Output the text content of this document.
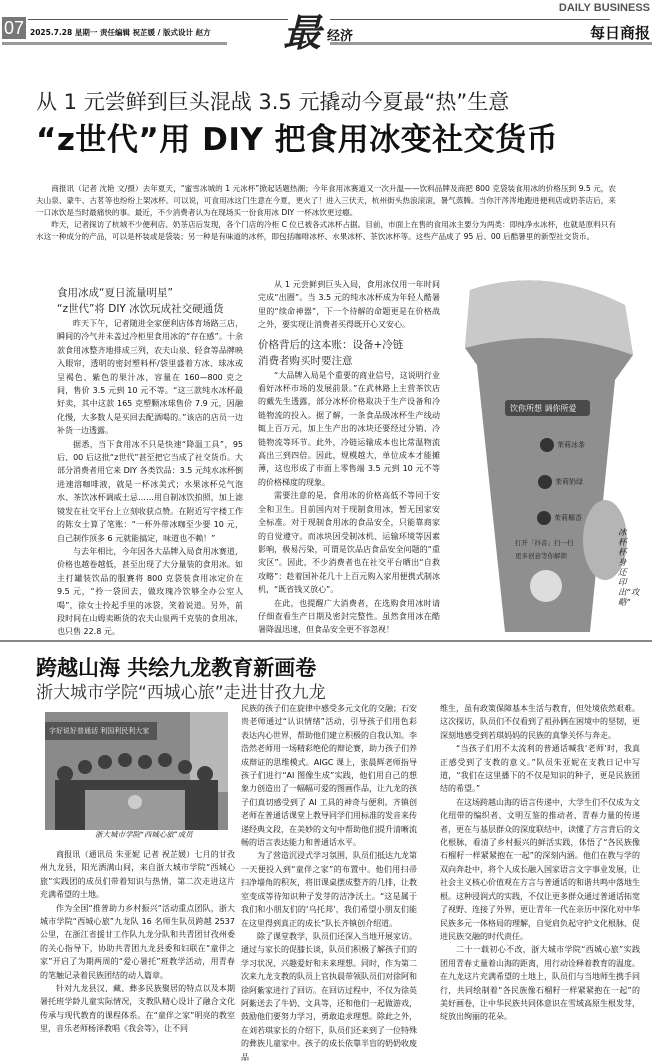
07 2025.7.28 星期一 责任编辑 祝芷媛 / 版式设计 赵方 最 经济
DAILY BUSINESS
每日商报
从 1 元尝鲜到巨头混战 3.5 元撬动今夏最“热”生意
“z世代”用 DIY 把食用冰变社交货币

商报讯（记者 沈艳 文/摄）去年夏天，“蜜雪冰城的 1 元冰杯”掀起话题热潮；今年食用冰赛道又一次升温——饮料品牌及商把 800 克袋装食用冰的价格压到 9.5 元，农夫山泉、蒙牛、古茗等也纷纷上架冰杯。可以说，可食用冰这门生意在今夏，更火了！进入三伏天，杭州街头热浪滚滚，暑气蒸腾。当你汗涔涔地跑进便利店或奶茶店后，来一口冰饮是当时最痛快的事。最近，不少消费者认为在现场买一份食用冰 DIY 一杯冰饮更过瘾。

昨天，记者探访了杭城不少便利店、奶茶店后发现，各个门店的冷柜 C 位已被各式冰杯占据。目前，市面上在售的食用冰主要分为两类：即纯净水冰杯，也就是原料只有水这一种成分的产品，可以是杯装或是袋装；另一种是有味道的冰杯，即包括咖啡冰杯、水果冰杯、茶饮冰杯等。这些产品成了 95 后、00 后酷暑里的新型社交货币。

食用冰成“夏日流量明星”
“z世代”将 DIY 冰饮玩成社交硬通货

昨天下午，记者随进全家便利店体育场路三店，瞬间的冷气并未盖过冷柜里食用冰的“存在感”。十余款食用冰整齐地排成三列，农夫山泉、轻食等品牌映入眼帘，透明的密封塑料杯/袋里盛着方冰、球冰或呈褐色、紫色的果汁冰，容量在 160—800 克之间，售价 3.5 元到 10 元不等。“这三款纯水冰杯最好卖，其中这款 165 克塑颗冰球售价 7.9 元，因融化慢，大多数人是买回去配酒喝的。”该店的店员一边补货一边透露。

据悉，当下食用冰不只是快速“降温工具”，95 后、00 后这批“z世代”甚至把它当成了社交货币。大部分消费者用它来 DIY 各类饮品：3.5 元纯水冰杯倒进速溶咖啡液，就是一杯冰美式；水果冰杯兑气泡水、茶饮冰杯调威士忌……用自制冰饮拍照，加上滤镜发在社交平台上立刻收获点赞。在附近写字楼工作的陈女士算了笔账：“一杯外带冰咖至少要 10 元，自己制作顶多 6 元就能搞定，味道也不赖！”

与去年相比，今年因各大品牌入局食用冰赛道，价格也越卷越低，甚至出现了大分量装的食用冰。如主打罐装饮品的服賽将 800 克袋装食用冰定价在 9.5 元，“拎一袋回去，做玫瑰冷饮够全办公室人喝”，徐女士拎起手里的冰袋，笑着说道。另外，前段时间在山姆卖断货的农夫山泉两千克装的食用冰，也只售 22.8 元。

从 1 元尝鲜到巨头入局，食用冰仅用一年时间完成“出圈”。当 3.5 元的纯水冰杯成为年轻人酷暑里的“续命神器”，下一个待解的命题更是在价格战之外，要实现让消费者买得既开心又安心。

价格背后的这本账：设备+冷链
消费者购买时要注意

“大品牌入局是个重要的商业信号，这说明行业看好冰杯市场的发展前景。”在武林路上主营茶饮店的戴先生透露，部分冰杯价格取决于生产设备和冷链物流的投入。据了解，一条食品级冰杯生产线动辄上百万元，加上生产出的冰块还要经过分销、冷链物流等环节。此外，冷链运输成本也比常温物流高出三到四倍。因此，规模越大，单位成本才能摊薄，这也形成了市面上零售端 3.5 元到 10 元不等的价格梯度的现象。

需要注意的是，食用冰的价格高低不等同于安全和卫生。目前国内对于现制食用冰，暂无国家安全标准。对于现制食用冰的食品安全，只能靠商家的自觉遵守。而冰块因受制冰机、运输环境等因素影响，极易污染，可谓是饮品店食品安全问题的“重灾区”。因此，不少消费者也在社交平台晒出“自救攻略”：趁着国补花几十上百元购入家用便携式制冰机，“既省钱又放心”。

在此，也提醒广大消费者，在选购食用冰时请仔细查看生产日期及密封完整性。虽然食用冰在酷暑降温迅速，但食品安全更不容忽视！

饮你所想 调你所爱
茉莉冰茶
茉莉奶绿
茉莉椰香
打开「抖音」扫一扫
更多创意等你解锁
冰杯杯身还印出“攻略”
跨越山海 共绘九龙教育新画卷
浙大城市学院“西城心旅”走进甘孜九龙
字好说好普通话 利国利民利大家
浙大城市学院“西城心旅”成员

商报讯（通讯员 朱亚妮 记者 祝芷媛）七月的甘孜州九龙县，阳光洒满山间，来自浙大城市学院“西城心旅”实践团的成员们带着知识与热情，第二次走进这片充满希望的土地。

作为全国“推普助力乡村振兴”活动重点团队，浙大城市学院“西城心旅”九龙队 16 名师生队员跨越 2537 公里，在浙江省援甘工作队九龙分队和共青团甘孜州委的关心指导下，协助共青团九龙县委和妇联在“童伴之家”开启了为期两周的“爱心暑托”班教学活动，用青春的笔触记录着民族团结的动人篇章。

针对九龙县汉、藏、彝多民族聚居的特点以及本期暑托班学龄儿童实际情况，支教队精心设计了融合文化传承与现代教育的课程体系。在“童伴之家”明亮的教室里，音乐老师杨泽教唱《我会等》，让不同

民族的孩子们在旋律中感受多元文化的交融；石安贵老师通过“认识情绪”活动，引导孩子们用色彩表达内心世界，帮助他们建立积极的自我认知。李浩然老师用一场精彩绝伦的辩论赛，助力孩子们养成辩证的思维模式。AIGC 课上，张晨辉老师指导孩子们进行“AI 图像生成”实践，他们用自己的想象力创造出了一幅幅可爱的图画作品，让九龙的孩子们真切感受到了 AI 工具的神奇与便利。齐镇创老师在普通话课堂上教导同学们用标准的发音来传递经典文段，在美妙的文句中帮助他们提升清晰流畅的语言表达能力和普通话水平。

为了营造沉浸式学习氛围，队员们抵达九龙第一天便投入到“童伴之家”的布置中。他们用扫帚扫净墙角的积灰，将旧课桌摆成整齐的几排，让教室变成等待知识种子发芽的洁净沃土。“这是属于我们和小朋友们的‘乌托邦’，我们希望小朋友们能在这里得到真正的成长”队长齐镇创介绍道。

除了课堂教学，队员们还深入当地开展家访。通过与家长的促膝长谈，队员们积极了解孩子们的学习状况、兴趣爱好和未来理想。同时，作为第二次来九龙支教的队员上官执晨带领队员们对徐阿和徐阿紫家进行了回访。在回访过程中，不仅为徐英阿紫送去了牛奶、文具等，还和他们一起做游戏，鼓励他们要努力学习，勇敢追求理想。除此之外，在刘若琪家长的介绍下，队员们还来到了一位特殊的彝族儿童家中。孩子的成长依靠半盲的奶奶收废品

维生，虽有政策保障基本生活与教育，但处境依然艰难。这次探访，队员们不仅看到了祖孙俩在困境中的坚韧，更深刻地感受到若琪妈妈的民族的真挚关怀与奔走。

“当孩子们用不太流利的普通话喊我‘老师’时，我真正感受到了支教的意义。”队员朱亚妮在支教日记中写道，“我们在这里播下的不仅是知识的种子，更是民族团结的希望。”

在这场跨越山海的语言传递中，大学生们不仅成为文化纽带的编织者、文明互鉴的推动者、青春力量的传递者，更在与基层群众的深度联结中，读懂了方言背后的文化根脉，看清了乡村振兴的鲜活实践，体悟了“各民族像石榴籽一样紧紧抱在一起”的深刻内涵。他们在教与学的双向奔赴中，将个人成长融入国家语言文字事业发展，让社会主义核心价值观在方言与普通话的和谐共鸣中落地生根。这种浸润式的实践，不仅让更多群众通过普通话拓宽了视野、连接了外界，更让青年一代在亲历中深化对中华民族多元一体格局的理解，自觉肩负起守护文化根脉、促进民族交融的时代责任。

二十一载初心不改，浙大城市学院“西城心旅”实践团用青春丈量着山海的距离，用行动诠释着教育的温度。在九龙这片充满希望的土地上，队员们与当地师生携手同行，共同绘制着“各民族像石榴籽一样紧紧抱在一起”的美好画卷，让中华民族共同体意识在雪域高原生根发芽，绽放出绚丽的花朵。
